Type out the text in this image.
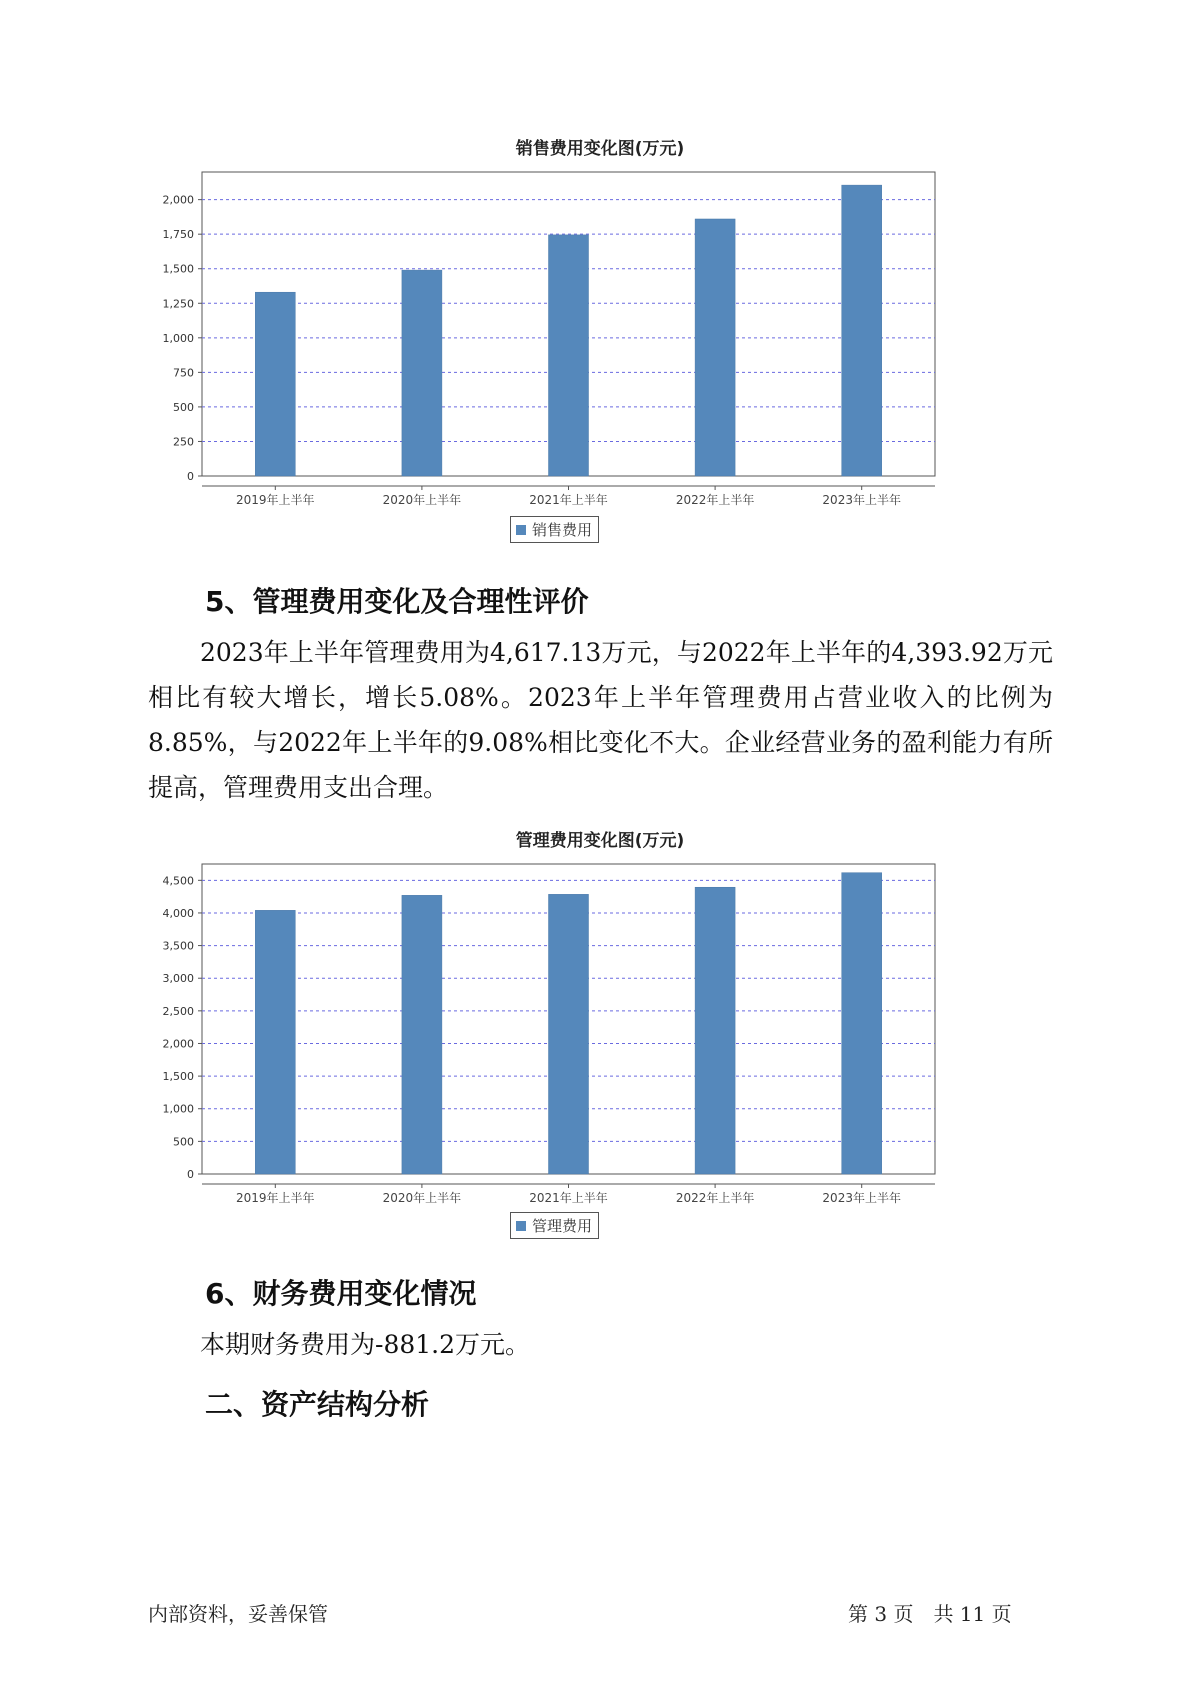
销售费用变化图(万元)
0
250
500
750
1,000
1,250
1,500
1,750
2,000
2019年上半年	2020年上半年	2021年上半年	2022年上半年	2023年上半年
销售费用
5、管理费用变化及合理性评价
2023年上半年管理费用为4,617.13万元，与2022年上半年的4,393.92万元相比有较大增长，增长5.08%。2023年上半年管理费用占营业收入的比例为8.85%，与2022年上半年的9.08%相比变化不大。企业经营业务的盈利能力有所提高，管理费用支出合理。
管理费用变化图(万元)
0
500
1,000
1,500
2,000
2,500
3,000
3,500
4,000
4,500
2019年上半年	2020年上半年	2021年上半年	2022年上半年	2023年上半年
管理费用
6、财务费用变化情况
本期财务费用为-881.2万元。
二、资产结构分析
内部资料，妥善保管	第 3 页　共 11 页
